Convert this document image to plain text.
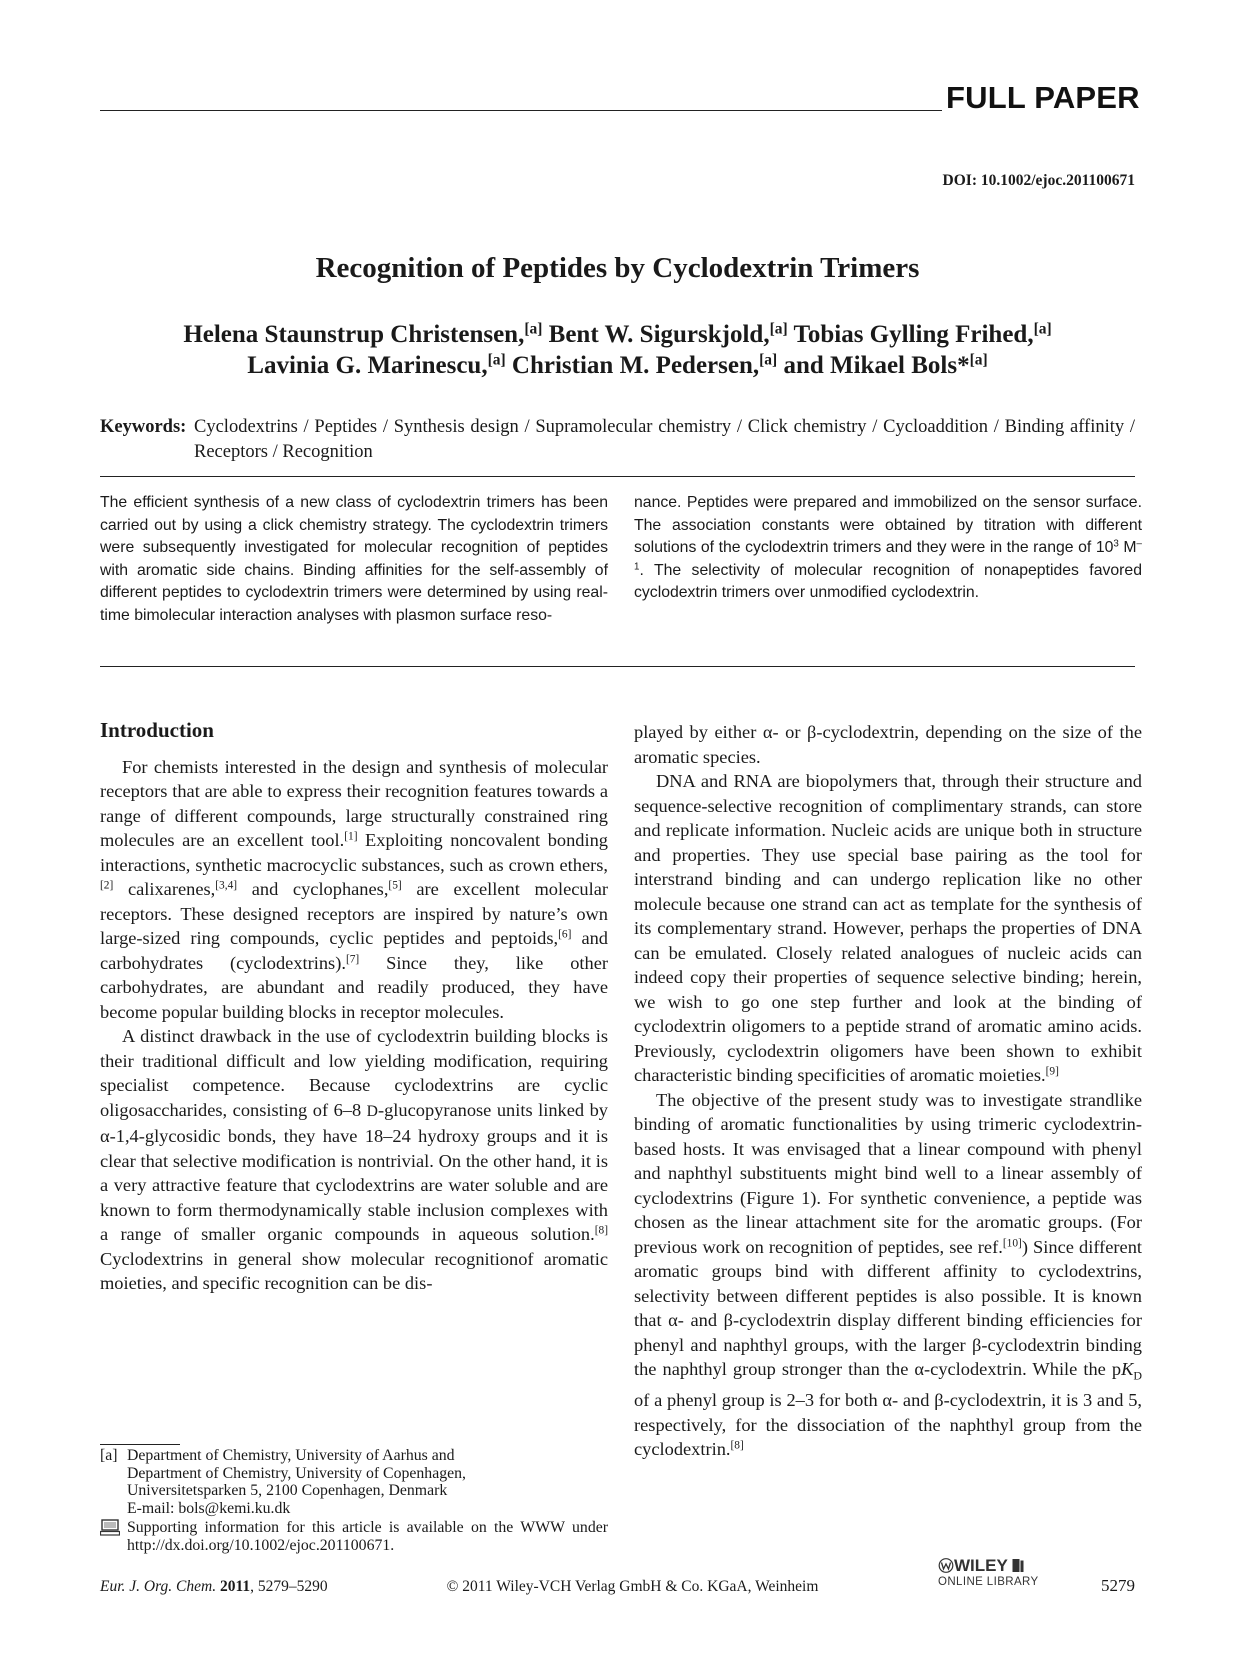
FULL PAPER
DOI: 10.1002/ejoc.201100671
Recognition of Peptides by Cyclodextrin Trimers
Helena Staunstrup Christensen,[a] Bent W. Sigurskjold,[a] Tobias Gylling Frihed,[a]
Lavinia G. Marinescu,[a] Christian M. Pedersen,[a] and Mikael Bols*[a]
Keywords: Cyclodextrins / Peptides / Synthesis design / Supramolecular chemistry / Click chemistry / Cycloaddition / Binding affinity / Receptors / Recognition
The efficient synthesis of a new class of cyclodextrin trimers has been carried out by using a click chemistry strategy. The cyclodextrin trimers were subsequently investigated for molecular recognition of peptides with aromatic side chains. Binding affinities for the self-assembly of different peptides to cyclodextrin trimers were determined by using real-time bimolecular interaction analyses with plasmon surface reso-
nance. Peptides were prepared and immobilized on the sensor surface. The association constants were obtained by titration with different solutions of the cyclodextrin trimers and they were in the range of $10^3$ $M^{-1}$. The selectivity of molecular recognition of nonapeptides favored cyclodextrin trimers over unmodified cyclodextrin.
Introduction

For chemists interested in the design and synthesis of molecular receptors that are able to express their recognition features towards a range of different compounds, large structurally constrained ring molecules are an excellent tool.[1] Exploiting noncovalent bonding interactions, synthetic macrocyclic substances, such as crown ethers,[2] calixarenes,[3,4] and cyclophanes,[5] are excellent molecular receptors. These designed receptors are inspired by nature’s own large-sized ring compounds, cyclic peptides and peptoids,[6] and carbohydrates (cyclodextrins).[7] Since they, like other carbohydrates, are abundant and readily produced, they have become popular building blocks in receptor molecules.

A distinct drawback in the use of cyclodextrin building blocks is their traditional difficult and low yielding modification, requiring specialist competence. Because cyclodextrins are cyclic oligosaccharides, consisting of 6–8 D-glucopyranose units linked by α-1,4-glycosidic bonds, they have 18–24 hydroxy groups and it is clear that selective modification is nontrivial. On the other hand, it is a very attractive feature that cyclodextrins are water soluble and are known to form thermodynamically stable inclusion complexes with a range of smaller organic compounds in aqueous solution.[8] Cyclodextrins in general show molecular recognitionof aromatic moieties, and specific recognition can be dis-

played by either α- or β-cyclodextrin, depending on the size of the aromatic species.

DNA and RNA are biopolymers that, through their structure and sequence-selective recognition of complimentary strands, can store and replicate information. Nucleic acids are unique both in structure and properties. They use special base pairing as the tool for interstrand binding and can undergo replication like no other molecule because one strand can act as template for the synthesis of its complementary strand. However, perhaps the properties of DNA can be emulated. Closely related analogues of nucleic acids can indeed copy their properties of sequence selective binding; herein, we wish to go one step further and look at the binding of cyclodextrin oligomers to a peptide strand of aromatic amino acids. Previously, cyclodextrin oligomers have been shown to exhibit characteristic binding specificities of aromatic moieties.[9]

The objective of the present study was to investigate strandlike binding of aromatic functionalities by using trimeric cyclodextrin-based hosts. It was envisaged that a linear compound with phenyl and naphthyl substituents might bind well to a linear assembly of cyclodextrins (Figure 1). For synthetic convenience, a peptide was chosen as the linear attachment site for the aromatic groups. (For previous work on recognition of peptides, see ref.[10]) Since different aromatic groups bind with different affinity to cyclodextrins, selectivity between different peptides is also possible. It is known that α- and β-cyclodextrin display different binding efficiencies for phenyl and naphthyl groups, with the larger β-cyclodextrin binding the naphthyl group stronger than the α-cyclodextrin. While the $pK_D$ of a phenyl group is 2–3 for both α- and β-cyclodextrin, it is 3 and 5, respectively, for the dissociation of the naphthyl group from the cyclodextrin.[8]

[a] Department of Chemistry, University of Aarhus and
Department of Chemistry, University of Copenhagen,
Universitetsparken 5, 2100 Copenhagen, Denmark
E-mail: bols@kemi.ku.dk
Supporting information for this article is available on the WWW under http://dx.doi.org/10.1002/ejoc.201100671.
Eur. J. Org. Chem. 2011, 5279–5290	© 2011 Wiley-VCH Verlag GmbH & Co. KGaA, Weinheim
WILEY
ONLINE LIBRARY	5279
